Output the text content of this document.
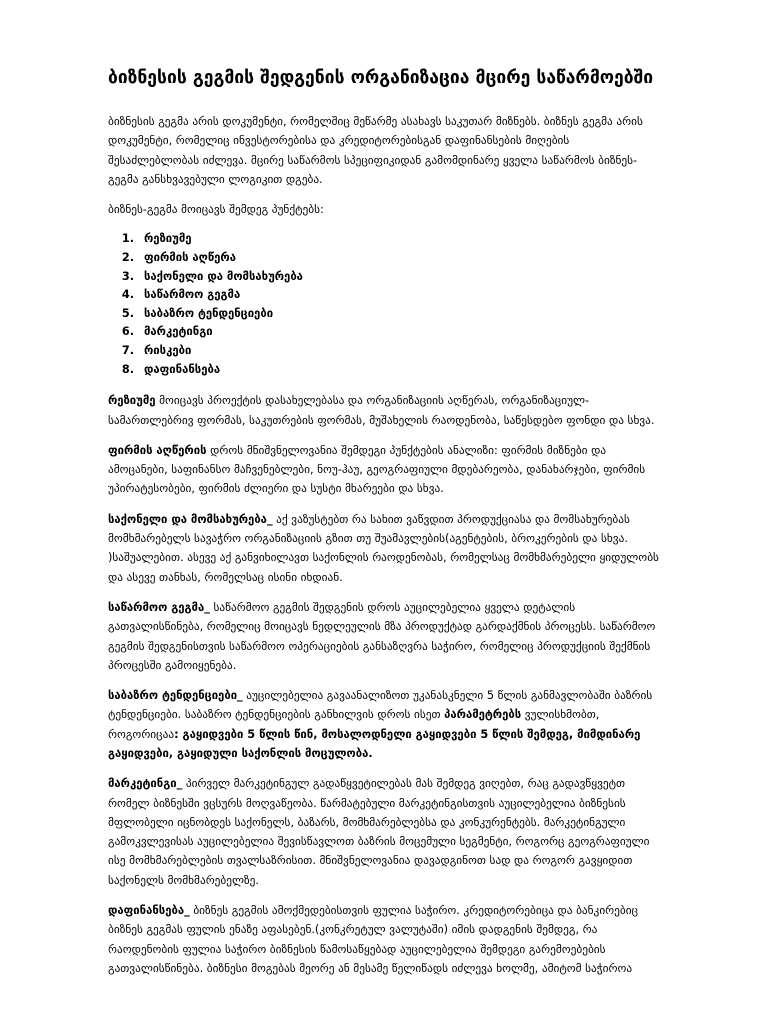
ბიზნესის გეგმის შედგენის ორგანიზაცია მცირე საწარმოებში

ბიზნესის გეგმა არის დოკუმენტი, რომელშიც მეწარმე ასახავს საკუთარ მიზნებს. ბიზნეს გეგმა არის დოკუმენტი, რომელიც ინვესტორებისა და კრედიტორებისგან დაფინანსების მიღების შესაძლებლობას იძლევა. მცირე საწარმოს სპეციფიკიდან გამომდინარე ყველა საწარმოს ბიზნეს-გეგმა განსხვავებული ლოგიკით დგება.

ბიზნეს-გეგმა მოიცავს შემდეგ პუნქტებს:

1. რეზიუმე
2. ფირმის აღწერა
3. საქონელი და მომსახურება
4. საწარმოო გეგმა
5. საბაზრო ტენდენციები
6. მარკეტინგი
7. რისკები
8. დაფინანსება

რეზიუმე მოიცავს პროექტის დასახელებასა და ორგანიზაციის აღწერას, ორგანიზაციულ-სამართლებრივ ფორმას, საკუთრების ფორმას, მუშახელის რაოდენობა, საწესდებო ფონდი და სხვა.

ფირმის აღწერის დროს მნიშვნელოვანია შემდეგი პუნქტების ანალიზი: ფირმის მიზნები და ამოცანები, საფინანსო მაჩვენებლები, ნოუ-ჰაუ, გეოგრაფიული მდებარეობა, დანახარჯები, ფირმის უპირატესობები, ფირმის ძლიერი და სუსტი მხარეები და სხვა.

საქონელი და მომსახურება_ აქ ვაზუსტებთ რა სახით ვაწვდით პროდუქციასა და მომსახურებას მომხმარებელს სავაჭრო ორგანიზაციის გზით თუ შუამავლების(აგენტების, ბროკერების და სხვა. )საშუალებით. ასევე აქ განვიხილავთ საქონლის რაოდენობას, რომელსაც მომხმარებელი ყიდულობს და ასევე თანხას, რომელსაც ისინი იხდიან.

საწარმოო გეგმა_ საწარმოო გეგმის შედგენის დროს აუცილებელია ყველა დეტალის გათვალისწინება, რომელიც მოიცავს ნედლეულის მზა პროდუქტად გარდაქმნის პროცესს. საწარმოო გეგმის შედგენისთვის საწარმოო ოპერაციების განსაზღვრა საჭირო, რომელიც პროდუქციის შექმნის პროცესში გამოიყენება.

საბაზრო ტენდენციები_ აუცილებელია გავაანალიზოთ უკანასკნელი 5 წლის განმავლობაში ბაზრის ტენდენციები. საბაზრო ტენდენციების განხილვის დროს ისეთ პარამეტრებს ვულისხმობთ, როგორიცაა: გაყიდვები 5 წლის წინ, მოსალოდნელი გაყიდვები 5 წლის შემდეგ, მიმდინარე გაყიდვები, გაყიდული საქონლის მოცულობა.

მარკეტინგი_ პირველ მარკეტინგულ გადაწყვეტილებას მას შემდეგ ვიღებთ, რაც გადავწყვეტთ რომელ ბიზნესში ვცსურს მოღვაწეობა. წარმატებული მარკეტინგისთვის აუცილებელია ბიზნესის მფლობელი იცნობდეს საქონელს, ბაზარს, მომხმარებლებსა და კონკურენტებს. მარკეტინგული გამოკვლევისას აუცილებელია შევისწავლოთ ბაზრის მოცემული სეგმენტი, როგორც გეოგრაფიული ისე მომხმარებლების თვალსაზრისით. მნიშვნელოვანია დავადგინოთ სად და როგორ გავყიდით საქონელს მომხმარებელზე.

დაფინანსება_ ბიზნეს გეგმის ამოქმედებისთვის ფულია საჭირო. კრედიტორებიცა და ბანკირებიც ბიზნეს გეგმას ფულის ენაზე აფასებენ.(კონკრეტულ ვალუტაში) იმის დადგენის შემდეგ, რა რაოდენობის ფულია საჭირო ბიზნესის წამოსაწყებად აუცილებელია შემდეგი გარემოებების გათვალისწინება. ბიზნესი მოგებას მეორე ან მესამე წელიწადს იძლევა ხოლმე, ამიტომ საჭიროა
